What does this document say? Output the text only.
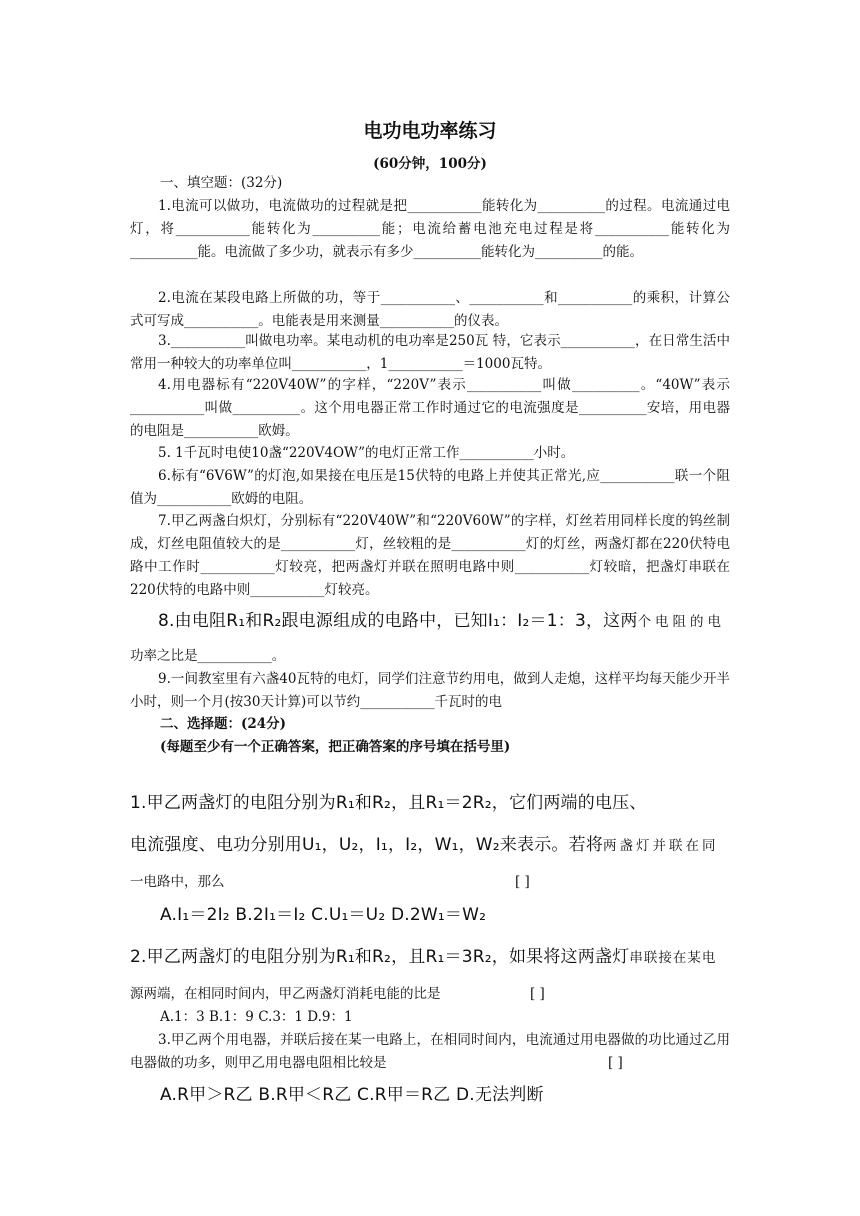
电功电功率练习
(60分钟，100分)
一、填空题：(32分)
1.电流可以做功，电流做功的过程就是把___________能转化为__________的过程。电流通过电灯，将___________能转化为__________能；电流给蓄电池充电过程是将___________能转化为__________能。电流做了多少功，就表示有多少__________能转化为__________的能。
2.电流在某段电路上所做的功，等于___________、___________和___________的乘积，计算公式可写成___________。电能表是用来测量___________的仪表。
3.___________叫做电功率。某电动机的电功率是250瓦 特，它表示___________，在日常生活中常用一种较大的功率单位叫___________，1___________＝1000瓦特。
4.用电器标有“220V40W”的字样，“220V”表示___________叫做__________。“40W”表示___________叫做__________。这个用电器正常工作时通过它的电流强度是__________安培，用电器的电阻是___________欧姆。
5. 1千瓦时电使10盏“220V4OW”的电灯正常工作___________小时。
6.标有“6V6W”的灯泡,如果接在电压是15伏特的电路上并使其正常光,应___________联一个阻值为___________欧姆的电阻。
7.甲乙两盏白炽灯，分别标有“220V40W”和“220V60W”的字样，灯丝若用同样长度的钨丝制成，灯丝电阻值较大的是___________灯，丝较粗的是___________灯的灯丝，两盏灯都在220伏特电路中工作时___________灯较亮，把两盏灯并联在照明电路中则___________灯较暗，把盏灯串联在220伏特的电路中则___________灯较亮。
8.由电阻R₁和R₂跟电源组成的电路中，已知I₁：I₂＝1：3，这两个电阻的电
功率之比是___________。
9.一间教室里有六盏40瓦特的电灯，同学们注意节约用电，做到人走熄，这样平均每天能少开半小时，则一个月(按30天计算)可以节约___________千瓦时的电
二、选择题：(24分)
(每题至少有一个正确答案，把正确答案的序号填在括号里)
1.甲乙两盏灯的电阻分别为R₁和R₂，且R₁＝2R₂，它们两端的电压、
电流强度、电功分别用U₁，U₂，I₁，I₂，W₁，W₂来表示。若将两盏灯并联在同
一电路中，那么	[ ]
A.I₁＝2I₂ B.2I₁＝I₂ C.U₁＝U₂ D.2W₁＝W₂
2.甲乙两盏灯的电阻分别为R₁和R₂，且R₁＝3R₂，如果将这两盏灯串联接在某电
源两端，在相同时间内，甲乙两盏灯消耗电能的比是	[ ]
A.1：3 B.1：9 C.3：1 D.9：1
3.甲乙两个用电器，并联后接在某一电路上，在相同时间内，电流通过用电器做的功比通过乙用电器做的功多，则甲乙用电器电阻相比较是	[ ]
A.R甲＞R乙 B.R甲＜R乙 C.R甲＝R乙 D.无法判断
